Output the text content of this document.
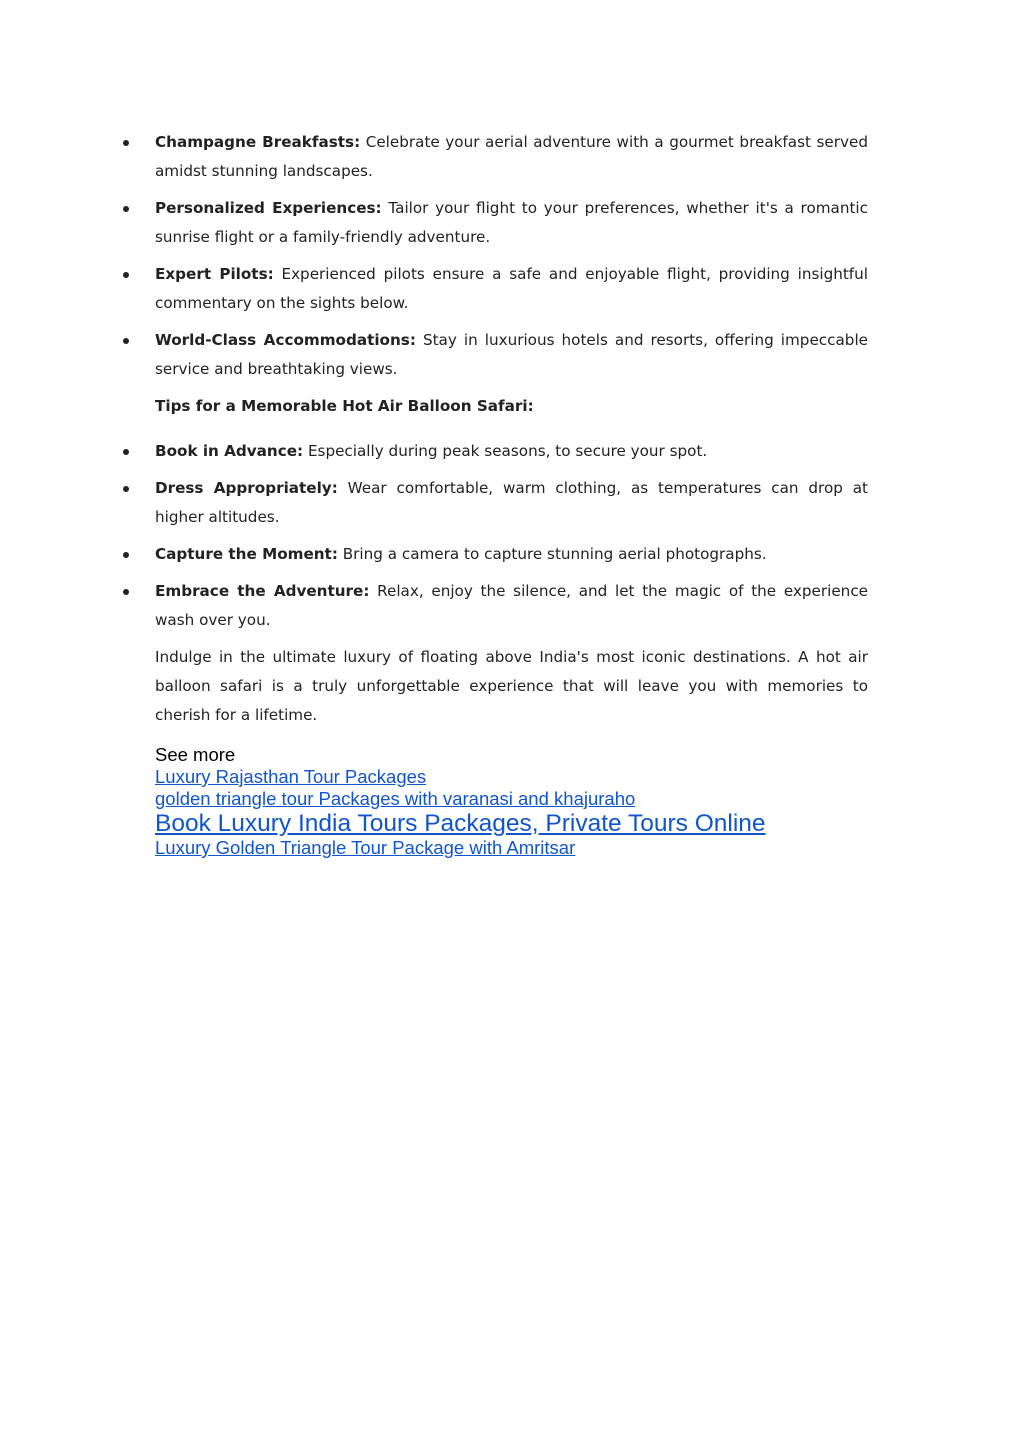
Champagne Breakfasts: Celebrate your aerial adventure with a gourmet breakfast served amidst stunning landscapes.
Personalized Experiences: Tailor your flight to your preferences, whether it's a romantic sunrise flight or a family-friendly adventure.
Expert Pilots: Experienced pilots ensure a safe and enjoyable flight, providing insightful commentary on the sights below.
World-Class Accommodations: Stay in luxurious hotels and resorts, offering impeccable service and breathtaking views.

Tips for a Memorable Hot Air Balloon Safari:

Book in Advance: Especially during peak seasons, to secure your spot.
Dress Appropriately: Wear comfortable, warm clothing, as temperatures can drop at higher altitudes.
Capture the Moment: Bring a camera to capture stunning aerial photographs.
Embrace the Adventure: Relax, enjoy the silence, and let the magic of the experience wash over you.

Indulge in the ultimate luxury of floating above India's most iconic destinations. A hot air balloon safari is a truly unforgettable experience that will leave you with memories to cherish for a lifetime.

See more
Luxury Rajasthan Tour Packages
golden triangle tour Packages with varanasi and khajuraho
Book Luxury India Tours Packages, Private Tours Online
Luxury Golden Triangle Tour Package with Amritsar
